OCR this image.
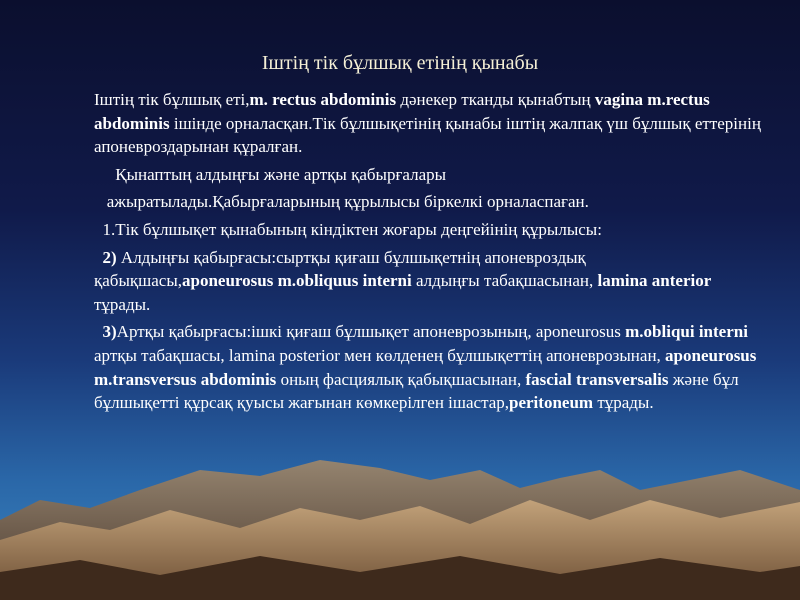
Іштің тік бұлшық етінің қынабы

Іштің тік бұлшық еті,m. rectus abdominis дәнекер тканды қынабтың vagina m.rectus abdominis ішінде орналасқан.Тік бұлшықетінің қынабы іштің жалпақ үш бұлшық еттерінің апоневроздарынан құралған.

Қынаптың алдыңғы және артқы қабырғалары

ажыратылады.Қабырғаларының құрылысы біркелкі орналаспаған.

1.Тік бұлшықет қынабының кіндіктен жоғары деңгейінің құрылысы:

2) Алдыңғы қабырғасы:сыртқы қиғаш бұлшықетнің апоневроздық қабықшасы,aponeurosus m.obliquus interni алдыңғы табақшасынан, lamina anterior тұрады.

3)Артқы қабырғасы:ішкі қиғаш бұлшықет апоневрозының, aponeurosus m.obliqui interni артқы табақшасы, lamina posterior мен көлденең бұлшықеттің апоневрозынан, aponeurosus m.transversus abdominis оның фасциялық қабықшасынан, fascial transversalis және бұл бұлшықетті құрсақ қуысы жағынан көмкерілген ішастар,peritoneum тұрады.
